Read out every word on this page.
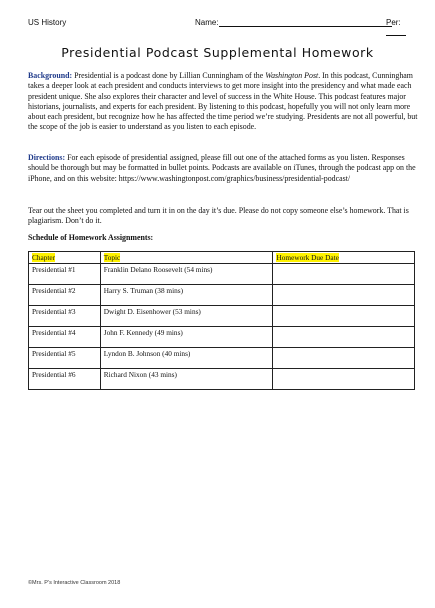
US History	Name:	Per:
Presidential Podcast Supplemental Homework
Background: Presidential is a podcast done by Lillian Cunningham of the Washington Post. In this podcast, Cunningham takes a deeper look at each president and conducts interviews to get more insight into the presidency and what made each president unique. She also explores their character and level of success in the White House. This podcast features major historians, journalists, and experts for each president. By listening to this podcast, hopefully you will not only learn more about each president, but recognize how he has affected the time period we’re studying. Presidents are not all powerful, but the scope of the job is easier to understand as you listen to each episode.
Directions: For each episode of presidential assigned, please fill out one of the attached forms as you listen. Responses should be thorough but may be formatted in bullet points. Podcasts are available on iTunes, through the podcast app on the iPhone, and on this website: https://www.washingtonpost.com/graphics/business/presidential-podcast/
Tear out the sheet you completed and turn it in on the day it’s due. Please do not copy someone else’s homework. That is plagiarism. Don’t do it.
Schedule of Homework Assignments:
Chapter	Topic	Homework Due Date
Presidential #1	Franklin Delano Roosevelt (54 mins)	
Presidential #2	Harry S. Truman (38 mins)	
Presidential #3	Dwight D. Eisenhower (53 mins)	
Presidential #4	John F. Kennedy (49 mins)	
Presidential #5	Lyndon B. Johnson (40 mins)	
Presidential #6	Richard Nixon (43 mins)	
©Mrs. P’s Interactive Classroom 2018
